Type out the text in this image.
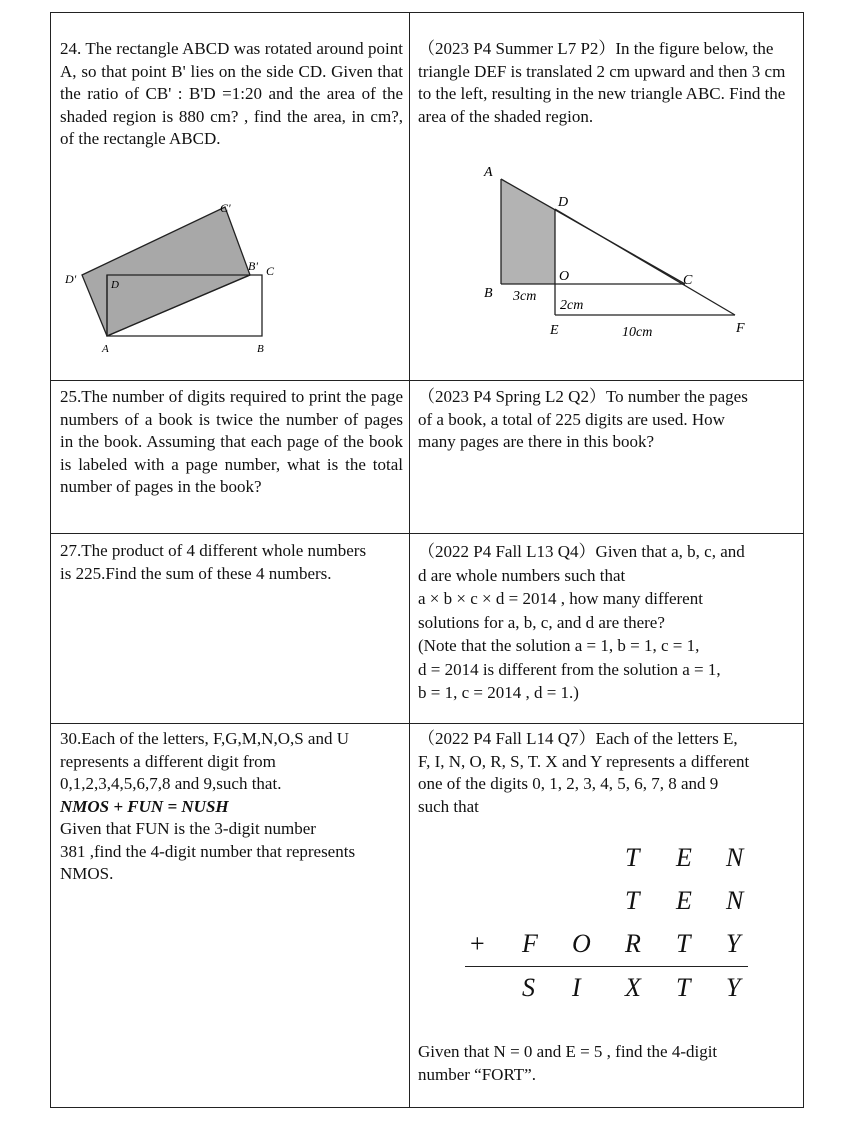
24. The rectangle ABCD was rotated around point A, so that point B' lies on the side CD. Given that the ratio of CB' : B'D =1:20 and the area of the shaded region is 880 cm? , find the area, in cm?, of the rectangle ABCD.
C'
D'	D
B' C
A	B
（2023 P4 Summer L7 P2）In the figure below, the triangle DEF is translated 2 cm upward and then 3 cm to the left, resulting in the new triangle ABC. Find the area of the shaded region.
A
D
O	C
B 3cm
2cm
E	10cm	F
25.The number of digits required to print the page numbers of a book is twice the number of pages in the book. Assuming that each page of the book is labeled with a page number, what is the total number of pages in the book?
（2023 P4 Spring L2 Q2）To number the pages
of a book, a total of 225 digits are used. How
many pages are there in this book?
27.The product of 4 different whole numbers
is 225.Find the sum of these 4 numbers.
（2022 P4 Fall L13 Q4）Given that a, b, c, and
d are whole numbers such that
a × b × c × d = 2014 , how many different
solutions for a, b, c, and d are there?
(Note that the solution a = 1, b = 1, c = 1,
d = 2014 is different from the solution a = 1,
b = 1, c = 2014 , d = 1.)
30.Each of the letters, F,G,M,N,O,S and U
represents a different digit from
0,1,2,3,4,5,6,7,8 and 9,such that.
NMOS + FUN = NUSH
Given that FUN is the 3-digit number
381 ,find the 4-digit number that represents
NMOS.
（2022 P4 Fall L14 Q7）Each of the letters E,
F, I, N, O, R, S, T. X and Y represents a different
one of the digits 0, 1, 2, 3, 4, 5, 6, 7, 8 and 9
such that
T E N
T E N
+ F O R T Y
S I X T Y
Given that N = 0 and E = 5 , find the 4-digit
number “FORT”.
